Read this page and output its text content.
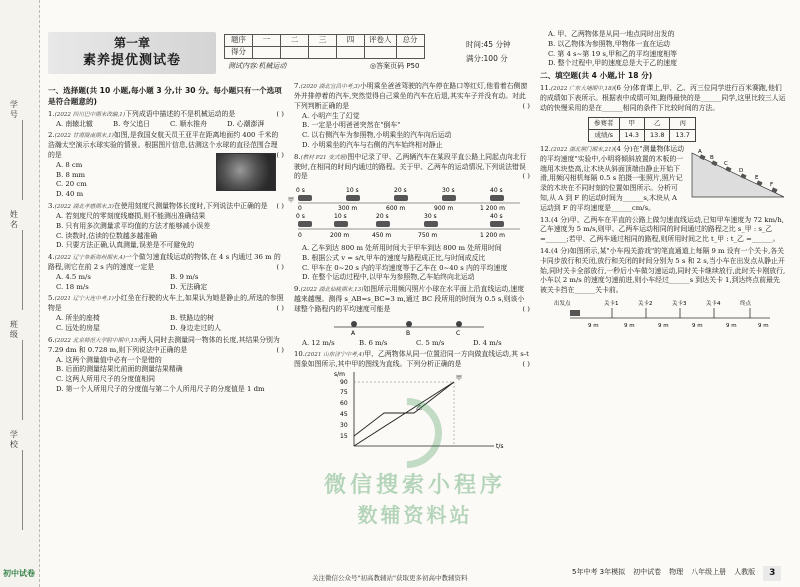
学号
姓名
班级
学校
初中试卷
第一章
素养提优测试卷
题序	一	二	三	四	评卷人	总分
得分						
时间:45 分钟
满分:100 分
测试内容:机械运动	◎答案页码 P50
一、选择题(共 10 小题,每小题 3 分,计 30 分。每小题只有一个选项是符合题意的)
1.(2022 四川巴中期末改编,1)下列成语中描述的不是机械运动的是	( )
A. 南辕北辙	B. 夸父追日	C. 顺水推舟	D. 心潮澎湃
2.(2022 甘肃陇南期末,1)如图,是我国女航天员王亚平在距离地面约 400 千米的浩瀚太空演示水球实验的情景。根据图片信息,估测这个水球的直径范围合理的是	( )
A. 8 cm
B. 8 mm
C. 20 cm
D. 40 m
3.(2022 湖北孝感期末,3)在使用刻度尺测量物体长度时,下列说法中正确的是 ( )
A. 若刻度尺的零刻度线磨损,则不能测出准确结果
B. 只有用多次测量求平均值的方法才能够减小误差
C. 读数时,估读的位数越多越准确
D. 只要方法正确,认真测量,误差是不可避免的
4.(2022 辽宁阜新海州期末,4)一个做匀速直线运动的物体,在 4 s 内通过 36 m 的路程,则它在前 2 s 内的速度一定是	( )
A. 4.5 m/s	B. 9 m/s
C. 18 m/s	D. 无法确定
5.(2021 辽宁大连中考,1)小红坐在行驶的火车上,如果认为她是静止的,所选的参照物是	( )
A. 所坐的座椅	B. 铁路边的树
C. 远处的房屋	D. 身边走过的人
6.(2022 北京师范大学附中期中,15)两人同时去测量同一物体的长度,其结果分别为 7.29 dm 和 0.728 m,则下列说法中正确的是	( )
A. 这两个测量值中必有一个是错的
B. 后面的测量结果比前面的测量结果精确
C. 这两人所用尺子的分度值相同
D. 第一个人所用尺子的分度值与第二个人所用尺子的分度值是 1 dm
7.(2020 湖北宜昌中考,3)小明乘坐爸爸驾驶的汽车停在路口等红灯,他看着右侧窗外并排停着的汽车,突然觉得自己乘坐的汽车在后退,其实车子并没有动。对此下列判断正确的是	( )
A. 小明产生了幻觉
B. 一定是小明爸爸突然在"倒车"
C. 以右侧汽车为参照物,小明乘坐的汽车向后运动
D. 小明乘坐的汽车与右侧的汽车始终相对静止
8.(教材 P21 变式题)图中记录了甲、乙两辆汽车在某段平直公路上同起点向北行驶时,在相同的时间内通过的路程。关于甲、乙两车的运动情况,下列说法错误的是	( )

0 s	10 s	20 s	30 s	40 s
甲
0	300 m	600 m	900 m	1 200 m
0 s	10 s	20 s	30 s	40 s
0	200 m	450 m	750 m	1 200 m
A. 乙车到达 800 m 处所用时间大于甲车到达 800 m 处所用时间
B. 根据公式 v = s/t,甲车的速度与路程成正比,与时间成反比
C. 甲车在 0~20 s 内的平均速度等于乙车在 0~40 s 内的平均速度
D. 在整个运动过程中,以甲车为参照物,乙车始终向北运动
9.(2022 湖北仙桃期末,13)如图所示用频闪照片小球在水平面上沿直线运动,速度越来越慢。测得 s_AB=s_BC=3 m,通过 BC 段所用的时间为 0.5 s,则该小球整个路程内的平均速度可能是	( )

A	B	C
A. 12 m/s	B. 6 m/s	C. 5 m/s	D. 4 m/s
10.(2021 山东济宁中考,4)甲、乙两物体从同一位置沿同一方向做直线运动,其 s-t 图象如图所示,其中甲的图线为直线。下列分析正确的是	( )

t/s
s/m
90
75
60
45
30
15
甲
乙
A. 甲、乙两物体是从同一地点同时出发的
B. 以乙物体为参照物,甲物体一直在运动
C. 第 4 s~第 19 s,甲和乙的平均速度相等
D. 整个过程中,甲的速度总是大于乙的速度
二、填空题(共 4 小题,计 18 分)
11.(2022 广东大埔期中,18)(6 分)体育课上,甲、乙、丙三位同学进行百米赛跑,他们的成绩如下表所示。根据表中成绩可知,跑得最快的是______同学,这里比较三人运动的快慢采用的是在______相同的条件下比较时间的方法。
参赛者	甲	乙	丙
成绩/s	14.3	13.8	13.7
A
B
C
D
E
F
12.(2022 湖北荆门期末,21)(4 分)在"测量物体运动的平均速度"实验中,小明将倾斜放置的木板的一端用木块垫高,让木块从斜面顶端由静止开始下滑,用频闪相机每隔 0.5 s 拍摄一张照片,照片记录的木块在不同时刻的位置如图所示。分析可知,从 A 到 F 的运动时间为______s,木块从 A 运动到 F 的平均速度是______cm/s。
13.(4 分)甲、乙两车在平直的公路上做匀速直线运动,已知甲车速度为 72 km/h,乙车速度为 5 m/s,则甲、乙两车运动相同的时间通过的路程之比 s_甲 : s_乙 =______;若甲、乙两车通过相同的路程,则所用时间之比 t_甲 : t_乙 =______。
14.(4 分)如图所示,某"小车闯关游戏"的笔直通道上每隔 9 m 设有一个关卡,各关卡同步放行和关闭,放行和关闭的时间分别为 5 s 和 2 s,当小车在出发点从静止开始,同时关卡全部放行,一秒后小车做匀速运动,同时关卡继续放行,此时关卡刚放行,小车以 2 m/s 的速度匀速前进,则小车经过______s 到达关卡 1,到达终点前最先被关卡挡在______关卡前。
出发点	关卡1	关卡2	关卡3	关卡4	终点
9 m	9 m	9 m	9 m	9 m	9 m
微信搜索小程序
数辅资料站
关注微信公众号"初高教辅站"获取更多初高中教辅资料
5年中考 3年模拟 初中试卷 物理 八年级上册 人教版	3
